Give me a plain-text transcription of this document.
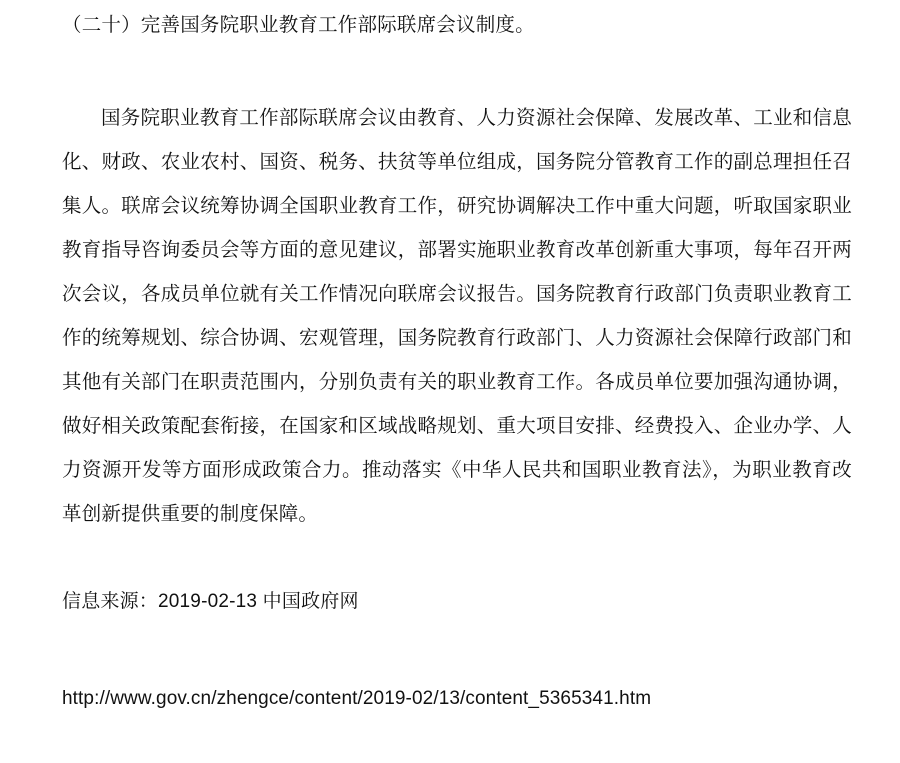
（二十）完善国务院职业教育工作部际联席会议制度。
国务院职业教育工作部际联席会议由教育、人力资源社会保障、发展改革、工业和信息化、财政、农业农村、国资、税务、扶贫等单位组成，国务院分管教育工作的副总理担任召集人。联席会议统筹协调全国职业教育工作，研究协调解决工作中重大问题，听取国家职业教育指导咨询委员会等方面的意见建议，部署实施职业教育改革创新重大事项，每年召开两次会议，各成员单位就有关工作情况向联席会议报告。国务院教育行政部门负责职业教育工作的统筹规划、综合协调、宏观管理，国务院教育行政部门、人力资源社会保障行政部门和其他有关部门在职责范围内，分别负责有关的职业教育工作。各成员单位要加强沟通协调，做好相关政策配套衔接，在国家和区域战略规划、重大项目安排、经费投入、企业办学、人力资源开发等方面形成政策合力。推动落实《中华人民共和国职业教育法》，为职业教育改革创新提供重要的制度保障。
信息来源：2019-02-13 中国政府网
http://www.gov.cn/zhengce/content/2019-02/13/content_5365341.htm
